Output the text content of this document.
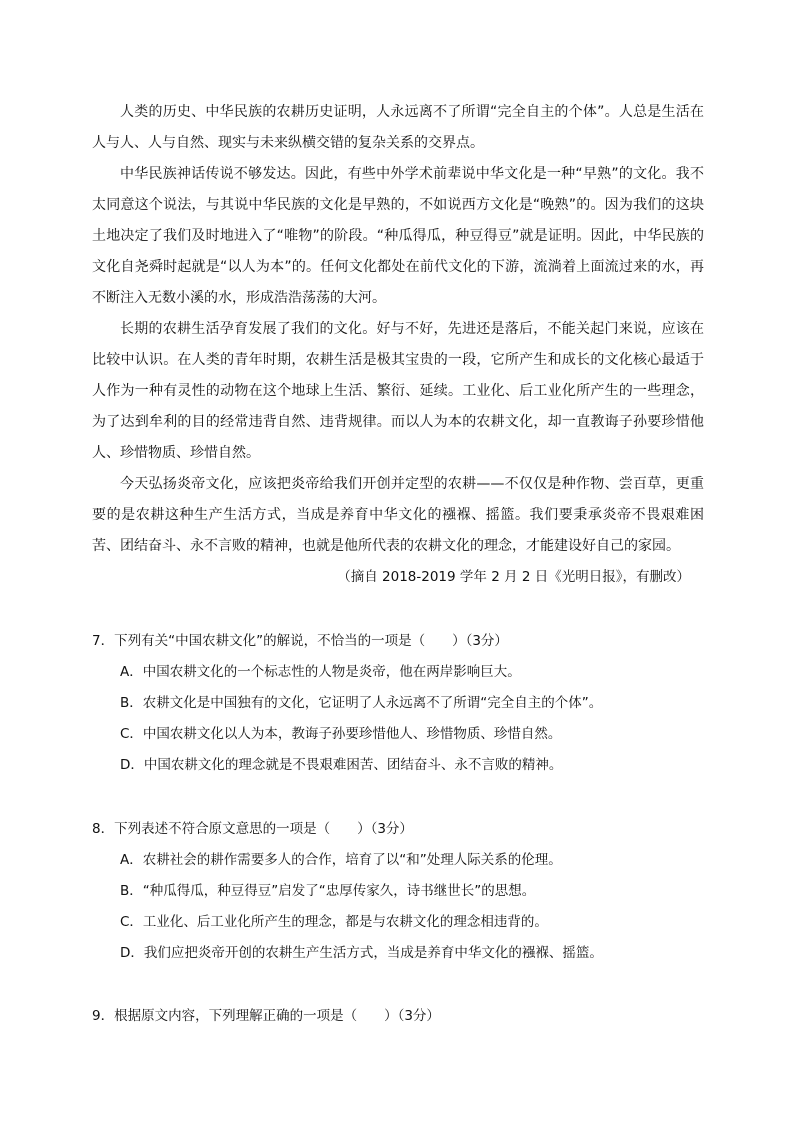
人类的历史、中华民族的农耕历史证明，人永远离不了所谓“完全自主的个体”。人总是生活在人与人、人与自然、现实与未来纵横交错的复杂关系的交界点。

中华民族神话传说不够发达。因此，有些中外学术前辈说中华文化是一种“早熟”的文化。我不太同意这个说法，与其说中华民族的文化是早熟的，不如说西方文化是“晚熟”的。因为我们的这块土地决定了我们及时地进入了“唯物”的阶段。“种瓜得瓜，种豆得豆”就是证明。因此，中华民族的文化自尧舜时起就是“以人为本”的。任何文化都处在前代文化的下游，流淌着上面流过来的水，再不断注入无数小溪的水，形成浩浩荡荡的大河。

长期的农耕生活孕育发展了我们的文化。好与不好，先进还是落后，不能关起门来说，应该在比较中认识。在人类的青年时期，农耕生活是极其宝贵的一段，它所产生和成长的文化核心最适于人作为一种有灵性的动物在这个地球上生活、繁衍、延续。工业化、后工业化所产生的一些理念，为了达到牟利的目的经常违背自然、违背规律。而以人为本的农耕文化，却一直教诲子孙要珍惜他人、珍惜物质、珍惜自然。

今天弘扬炎帝文化，应该把炎帝给我们开创并定型的农耕——不仅仅是种作物、尝百草，更重要的是农耕这种生产生活方式，当成是养育中华文化的襁褓、摇篮。我们要秉承炎帝不畏艰难困苦、团结奋斗、永不言败的精神，也就是他所代表的农耕文化的理念，才能建设好自己的家园。

（摘自 2018-2019 学年 2 月 2 日《光明日报》，有删改）

7．下列有关“中国农耕文化”的解说，不恰当的一项是（　　）（3分）

A．中国农耕文化的一个标志性的人物是炎帝，他在两岸影响巨大。

B．农耕文化是中国独有的文化，它证明了人永远离不了所谓“完全自主的个体”。

C．中国农耕文化以人为本，教诲子孙要珍惜他人、珍惜物质、珍惜自然。

D．中国农耕文化的理念就是不畏艰难困苦、团结奋斗、永不言败的精神。

8．下列表述不符合原文意思的一项是（　　）（3分）

A．农耕社会的耕作需要多人的合作，培育了以“和”处理人际关系的伦理。

B．“种瓜得瓜，种豆得豆”启发了“忠厚传家久，诗书继世长”的思想。

C．工业化、后工业化所产生的理念，都是与农耕文化的理念相违背的。

D．我们应把炎帝开创的农耕生产生活方式，当成是养育中华文化的襁褓、摇篮。

9．根据原文内容，下列理解正确的一项是（　　）（3分）
